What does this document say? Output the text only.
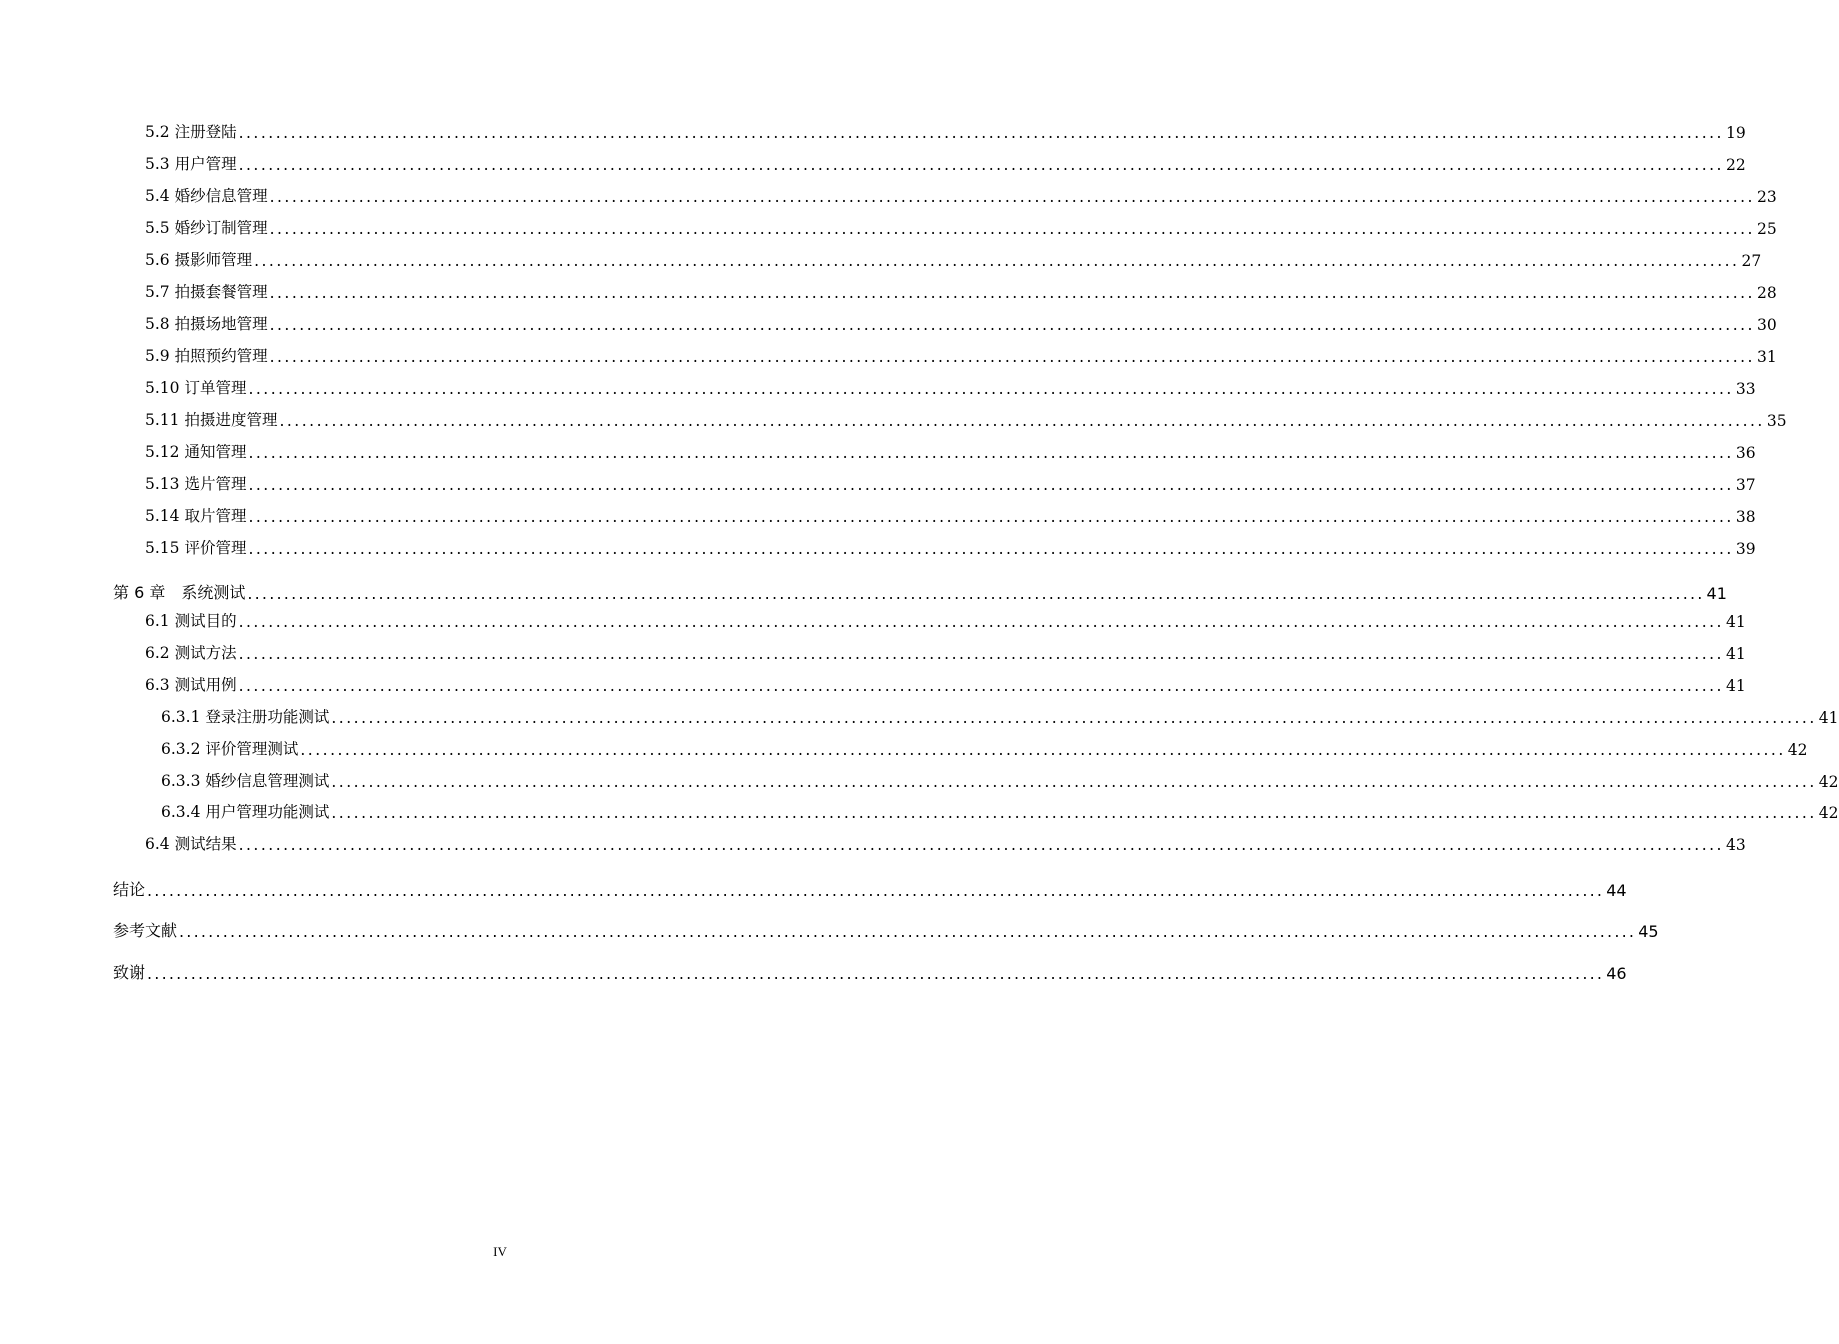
5.2 注册登陆 ........................................................................................................................................................................................................ 19
5.3 用户管理 ........................................................................................................................................................................................................ 22
5.4 婚纱信息管理 ........................................................................................................................................................................................................ 23
5.5 婚纱订制管理 ........................................................................................................................................................................................................ 25
5.6 摄影师管理 ........................................................................................................................................................................................................ 27
5.7 拍摄套餐管理 ........................................................................................................................................................................................................ 28
5.8 拍摄场地管理 ........................................................................................................................................................................................................ 30
5.9 拍照预约管理 ........................................................................................................................................................................................................ 31
5.10 订单管理 ........................................................................................................................................................................................................ 33
5.11 拍摄进度管理 ........................................................................................................................................................................................................ 35
5.12 通知管理 ........................................................................................................................................................................................................ 36
5.13 选片管理 ........................................................................................................................................................................................................ 37
5.14 取片管理 ........................................................................................................................................................................................................ 38
5.15 评价管理 ........................................................................................................................................................................................................ 39
第 6 章　系统测试 ........................................................................................................................................................................................................ 41
6.1 测试目的 ........................................................................................................................................................................................................ 41
6.2 测试方法 ........................................................................................................................................................................................................ 41
6.3 测试用例 ........................................................................................................................................................................................................ 41
6.3.1 登录注册功能测试 ........................................................................................................................................................................................................ 41
6.3.2 评价管理测试 ........................................................................................................................................................................................................ 42
6.3.3 婚纱信息管理测试 ........................................................................................................................................................................................................ 42
6.3.4 用户管理功能测试 ........................................................................................................................................................................................................ 42
6.4 测试结果 ........................................................................................................................................................................................................ 43
结论 ........................................................................................................................................................................................................ 44
参考文献 ........................................................................................................................................................................................................ 45
致谢 ........................................................................................................................................................................................................ 46
IV
